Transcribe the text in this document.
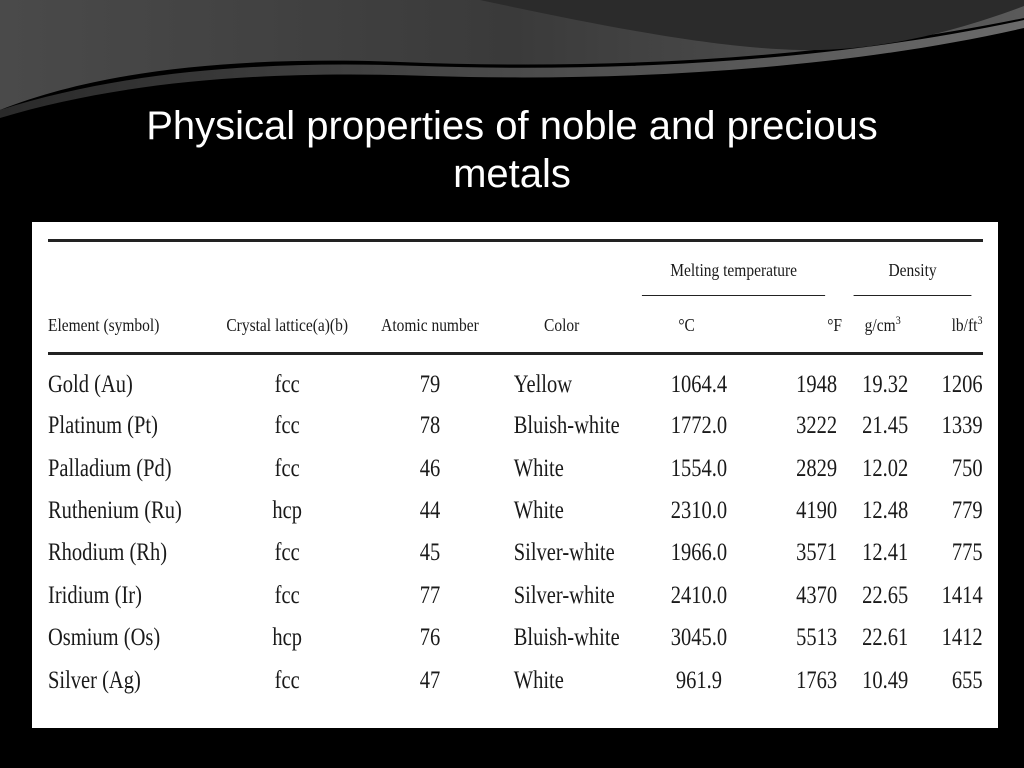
Physical properties of noble and precious
metals
				Melting temperature		Density	

Element (symbol)	Crystal lattice(a)(b)	Atomic number	Color	°C	°F	$g/cm^3$	$lb/ft^3$
Gold (Au)	fcc	79	Yellow	1064.4	1948	19.32	1206
Platinum (Pt)	fcc	78	Bluish-white	1772.0	3222	21.45	1339
Palladium (Pd)	fcc	46	White	1554.0	2829	12.02	750
Ruthenium (Ru)	hcp	44	White	2310.0	4190	12.48	779
Rhodium (Rh)	fcc	45	Silver-white	1966.0	3571	12.41	775
Iridium (Ir)	fcc	77	Silver-white	2410.0	4370	22.65	1414
Osmium (Os)	hcp	76	Bluish-white	3045.0	5513	22.61	1412
Silver (Ag)	fcc	47	White	961.9	1763	10.49	655
